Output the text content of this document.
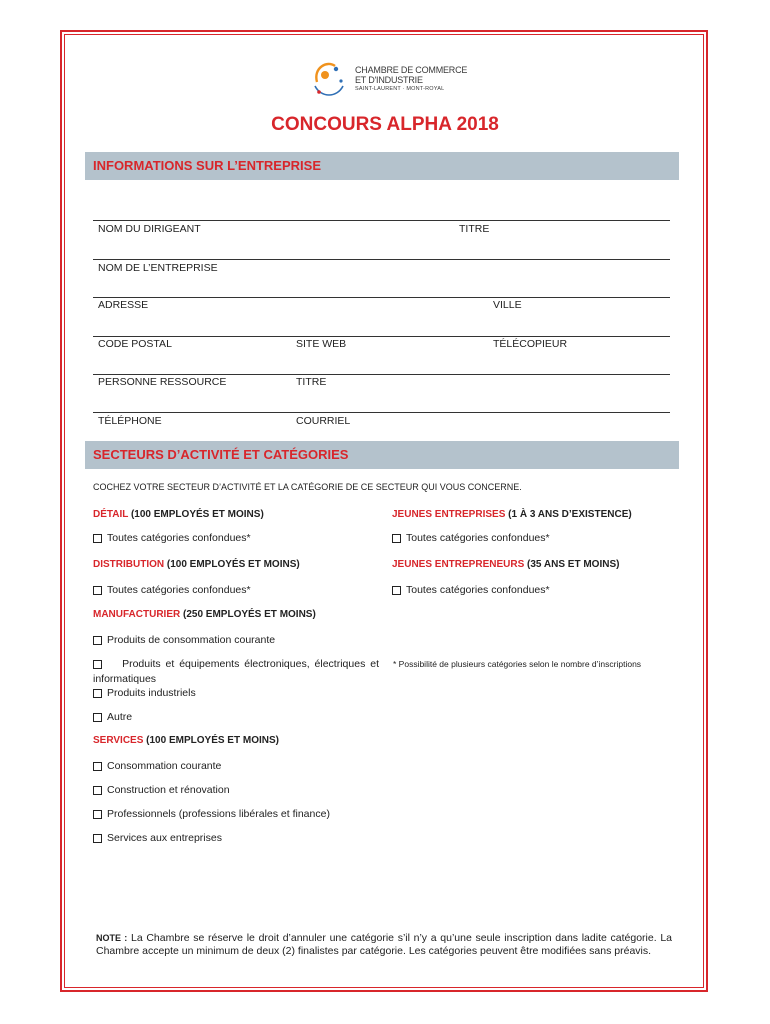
CHAMBRE DE COMMERCE
ET D'INDUSTRIE
SAINT-LAURENT · MONT-ROYAL
CONCOURS ALPHA 2018
INFORMATIONS SUR L’ENTREPRISE
NOM DU DIRIGEANT	TITRE
NOM DE L’ENTREPRISE
ADRESSE	VILLE
CODE POSTAL	SITE WEB	TÉLÉCOPIEUR
PERSONNE RESSOURCE	TITRE
TÉLÉPHONE	COURRIEL
SECTEURS D’ACTIVITÉ ET CATÉGORIES
COCHEZ VOTRE SECTEUR D’ACTIVITÉ ET LA CATÉGORIE DE CE SECTEUR QUI VOUS CONCERNE.
DÉTAIL (100 EMPLOYÉS ET MOINS)	JEUNES ENTREPRISES (1 À 3 ANS D’EXISTENCE)
Toutes catégories confondues*	Toutes catégories confondues*
DISTRIBUTION (100 EMPLOYÉS ET MOINS)	JEUNES ENTREPRENEURS (35 ANS ET MOINS)
Toutes catégories confondues*	Toutes catégories confondues*
MANUFACTURIER (250 EMPLOYÉS ET MOINS)
Produits de consommation courante
Produits et équipements électroniques, électriques et
informatiques
Produits industriels
Autre
* Possibilité de plusieurs catégories selon le nombre d’inscriptions
SERVICES (100 EMPLOYÉS ET MOINS)
Consommation courante
Construction et rénovation
Professionnels (professions libérales et finance)
Services aux entreprises
NOTE : La Chambre se réserve le droit d’annuler une catégorie s’il n’y a qu’une seule inscription dans ladite catégorie. La Chambre accepte un minimum de deux (2) finalistes par catégorie. Les catégories peuvent être modifiées sans préavis.
